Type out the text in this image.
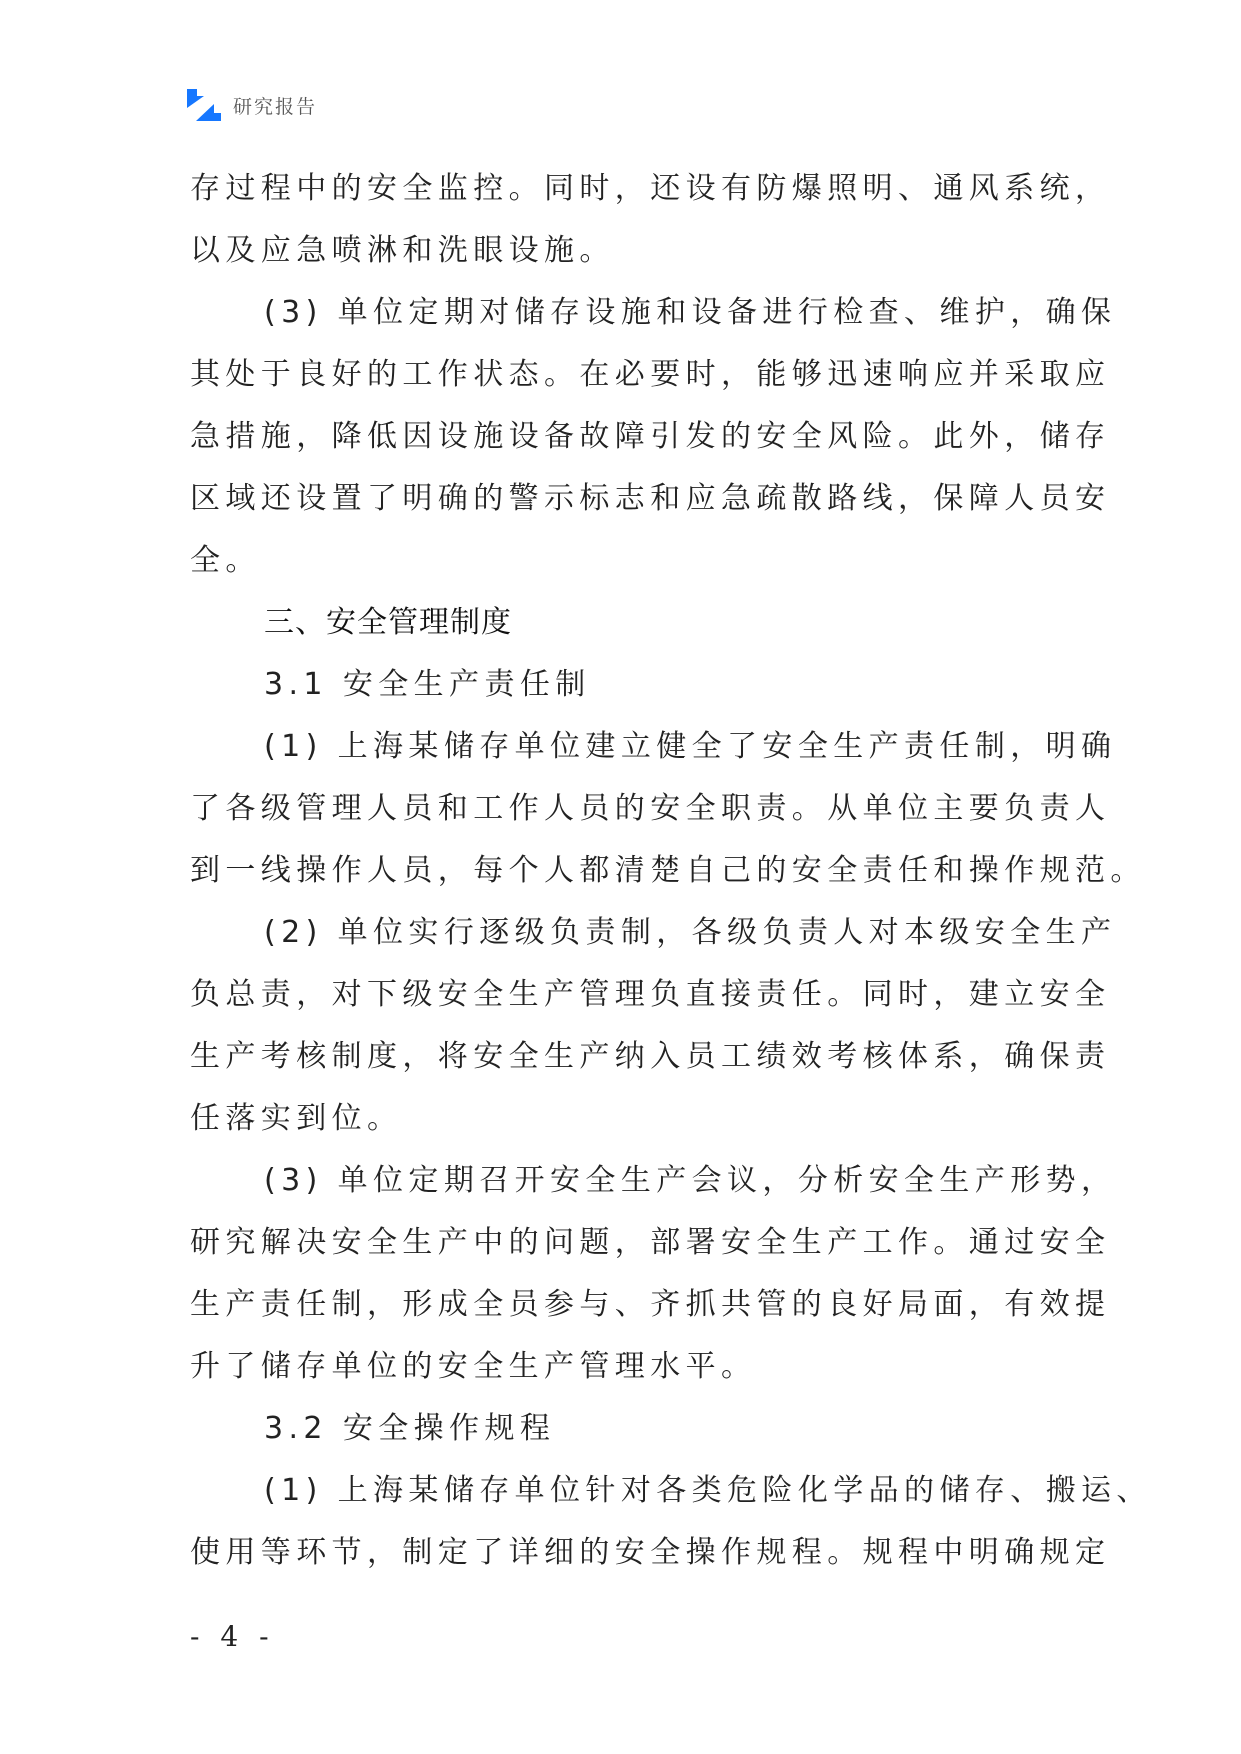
研究报告
存过程中的安全监控。同时，还设有防爆照明、通风系统，
以及应急喷淋和洗眼设施。
(3) 单位定期对储存设施和设备进行检查、维护，确保
其处于良好的工作状态。在必要时，能够迅速响应并采取应
急措施，降低因设施设备故障引发的安全风险。此外，储存
区域还设置了明确的警示标志和应急疏散路线，保障人员安
全。
三、安全管理制度
3.1 安全生产责任制
(1) 上海某储存单位建立健全了安全生产责任制，明确
了各级管理人员和工作人员的安全职责。从单位主要负责人
到一线操作人员，每个人都清楚自己的安全责任和操作规范。
(2) 单位实行逐级负责制，各级负责人对本级安全生产
负总责，对下级安全生产管理负直接责任。同时，建立安全
生产考核制度，将安全生产纳入员工绩效考核体系，确保责
任落实到位。
(3) 单位定期召开安全生产会议，分析安全生产形势，
研究解决安全生产中的问题，部署安全生产工作。通过安全
生产责任制，形成全员参与、齐抓共管的良好局面，有效提
升了储存单位的安全生产管理水平。
3.2 安全操作规程
(1) 上海某储存单位针对各类危险化学品的储存、搬运、
使用等环节，制定了详细的安全操作规程。规程中明确规定
- 4 -
